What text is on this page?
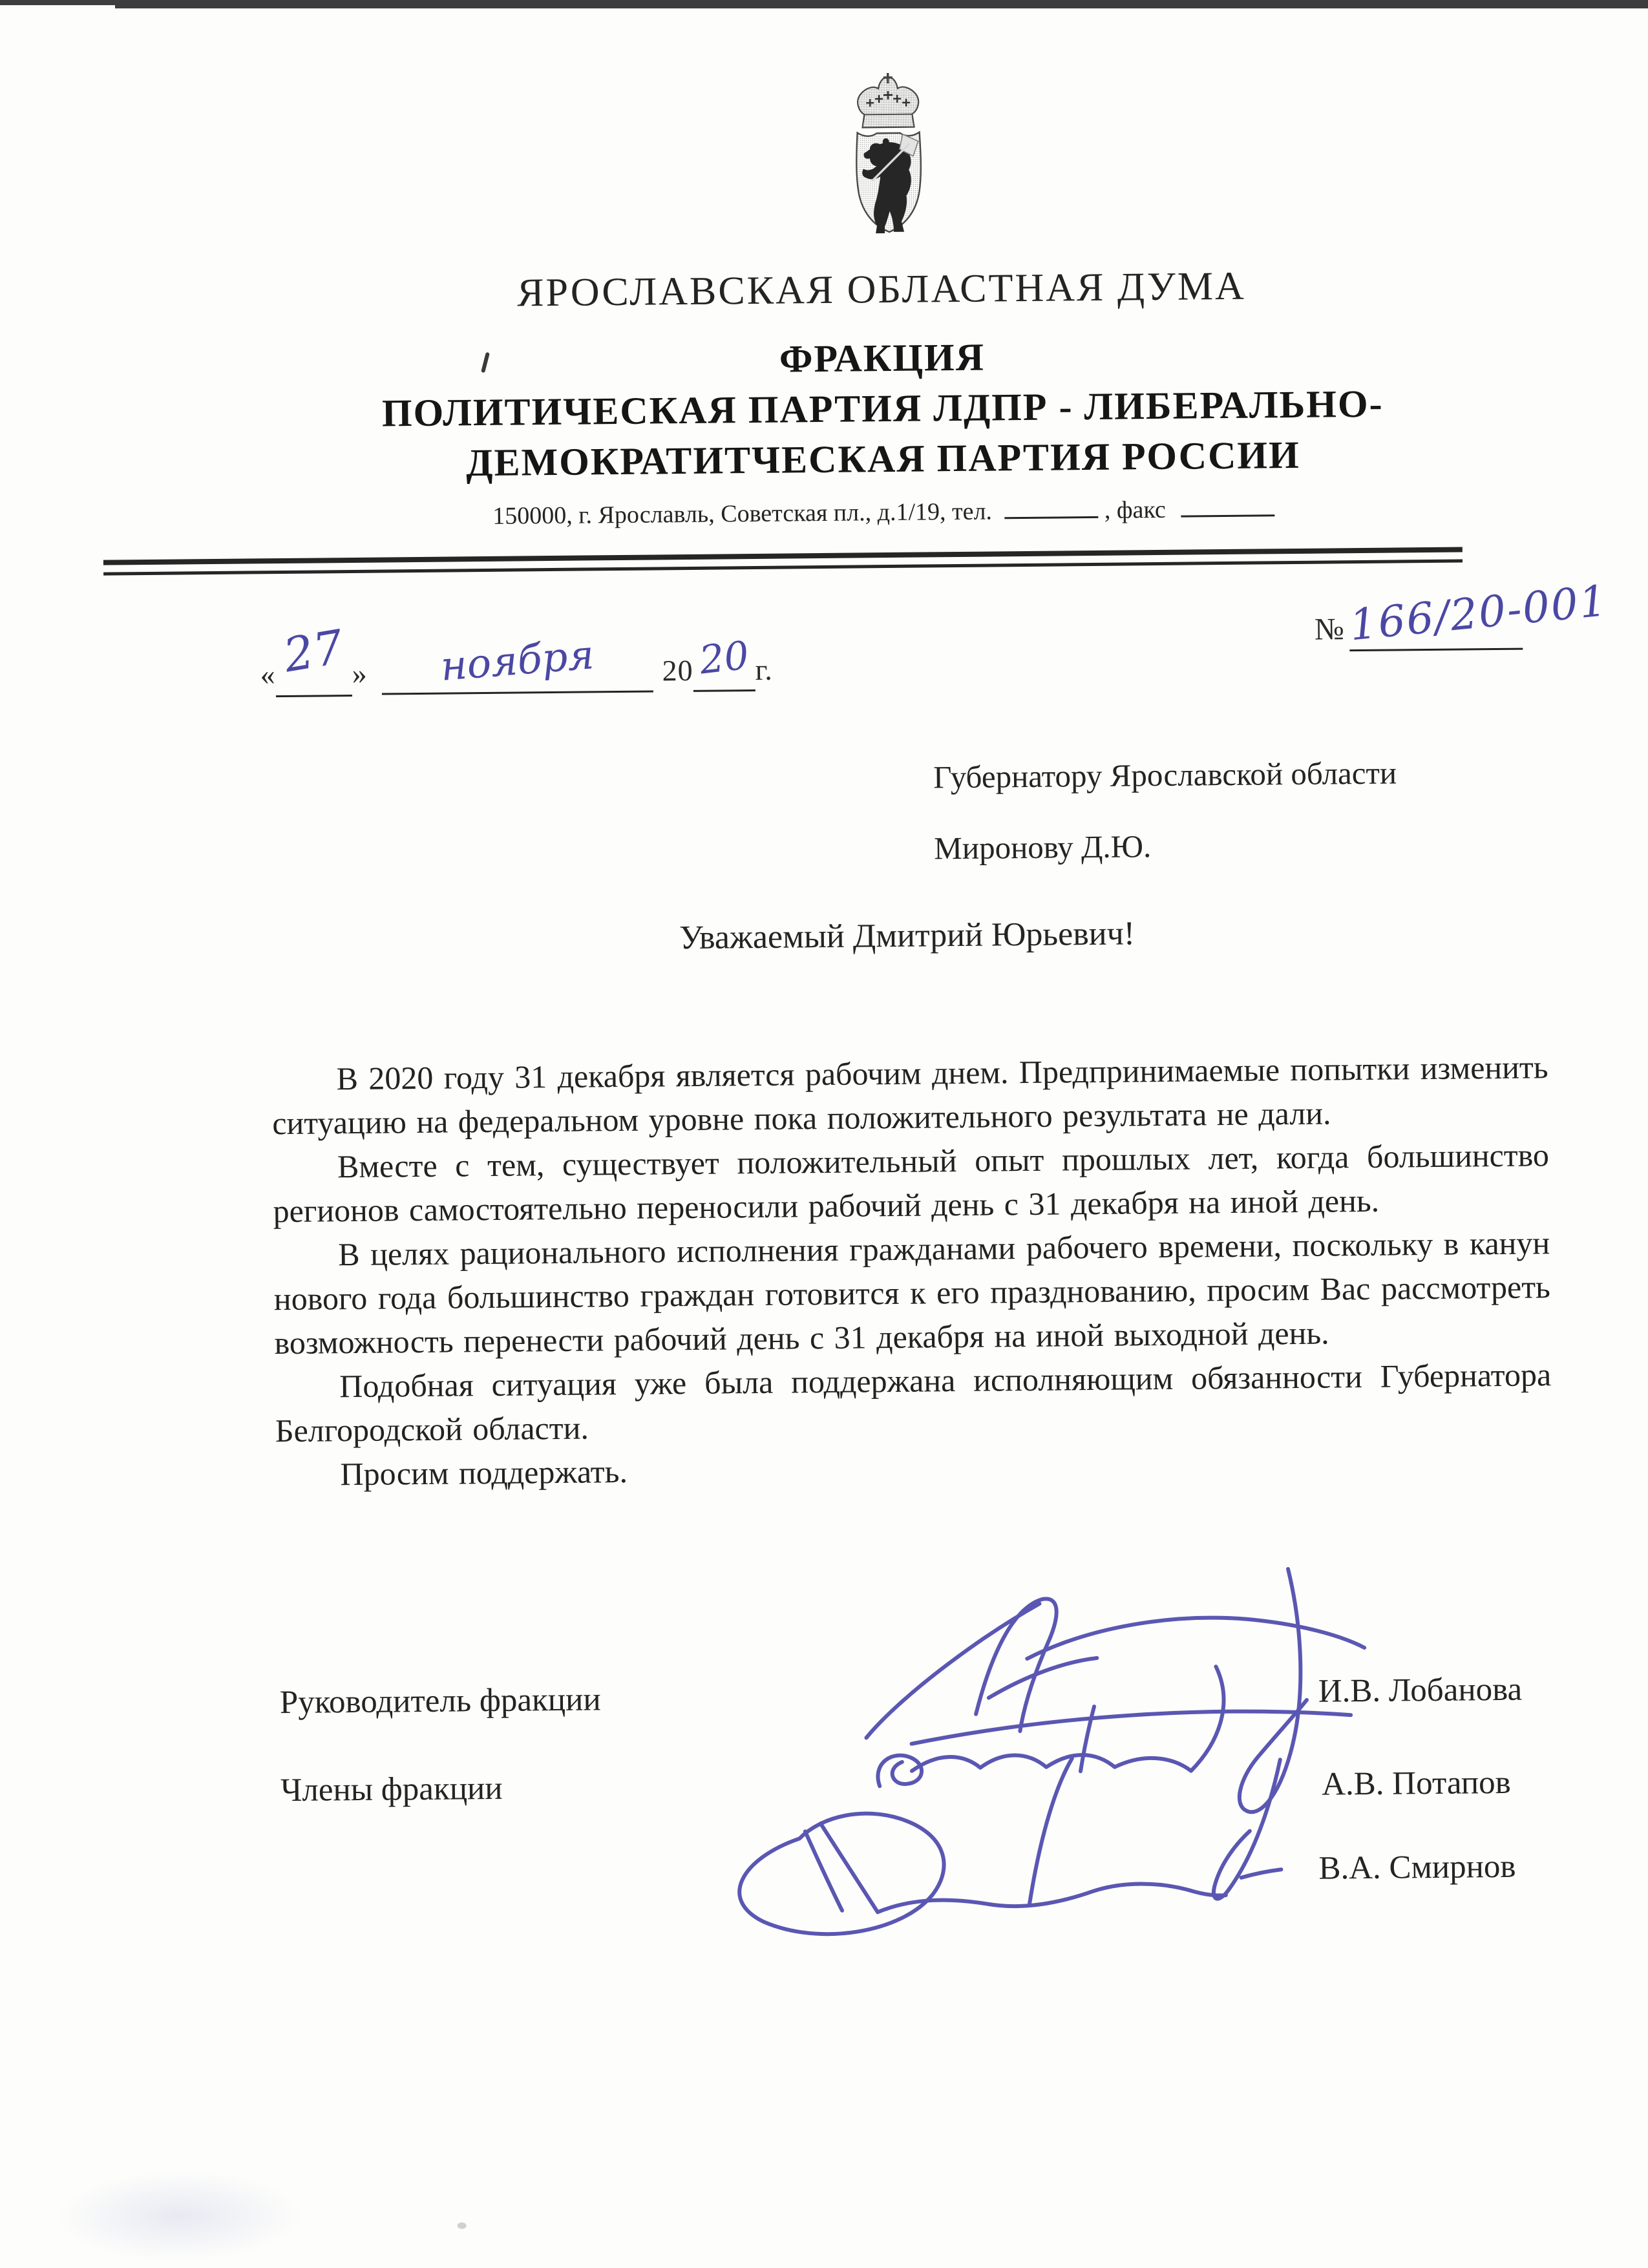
ЯРОСЛАВСКАЯ ОБЛАСТНАЯ ДУМА
ФРАКЦИЯ
ПОЛИТИЧЕСКАЯ ПАРТИЯ ЛДПР - ЛИБЕРАЛЬНО-
ДЕМОКРАТИТЧЕСКАЯ ПАРТИЯ РОССИИ
150000, г. Ярославль, Советская пл., д.1/19, тел.	, факс
«27 » ноября 2020 г.
№166/20-001
Губернатору Ярославской области
Миронову Д.Ю.
Уважаемый Дмитрий Юрьевич!

В 2020 году 31 декабря является рабочим днем. Предпринимаемые попытки изменить ситуацию на федеральном уровне пока положительного результата не дали.

Вместе с тем, существует положительный опыт прошлых лет, когда большинство регионов самостоятельно переносили рабочий день с 31 декабря на иной день.

В целях рационального исполнения гражданами рабочего времени, поскольку в канун нового года большинство граждан готовится к его празднованию, просим Вас рассмотреть возможность перенести рабочий день с 31 декабря на иной выходной день.

Подобная ситуация уже была поддержана исполняющим обязанности Губернатора Белгородской области.

Просим поддержать.

Руководитель фракции
Члены фракции
И.В. Лобанова
А.В. Потапов
В.А. Смирнов
